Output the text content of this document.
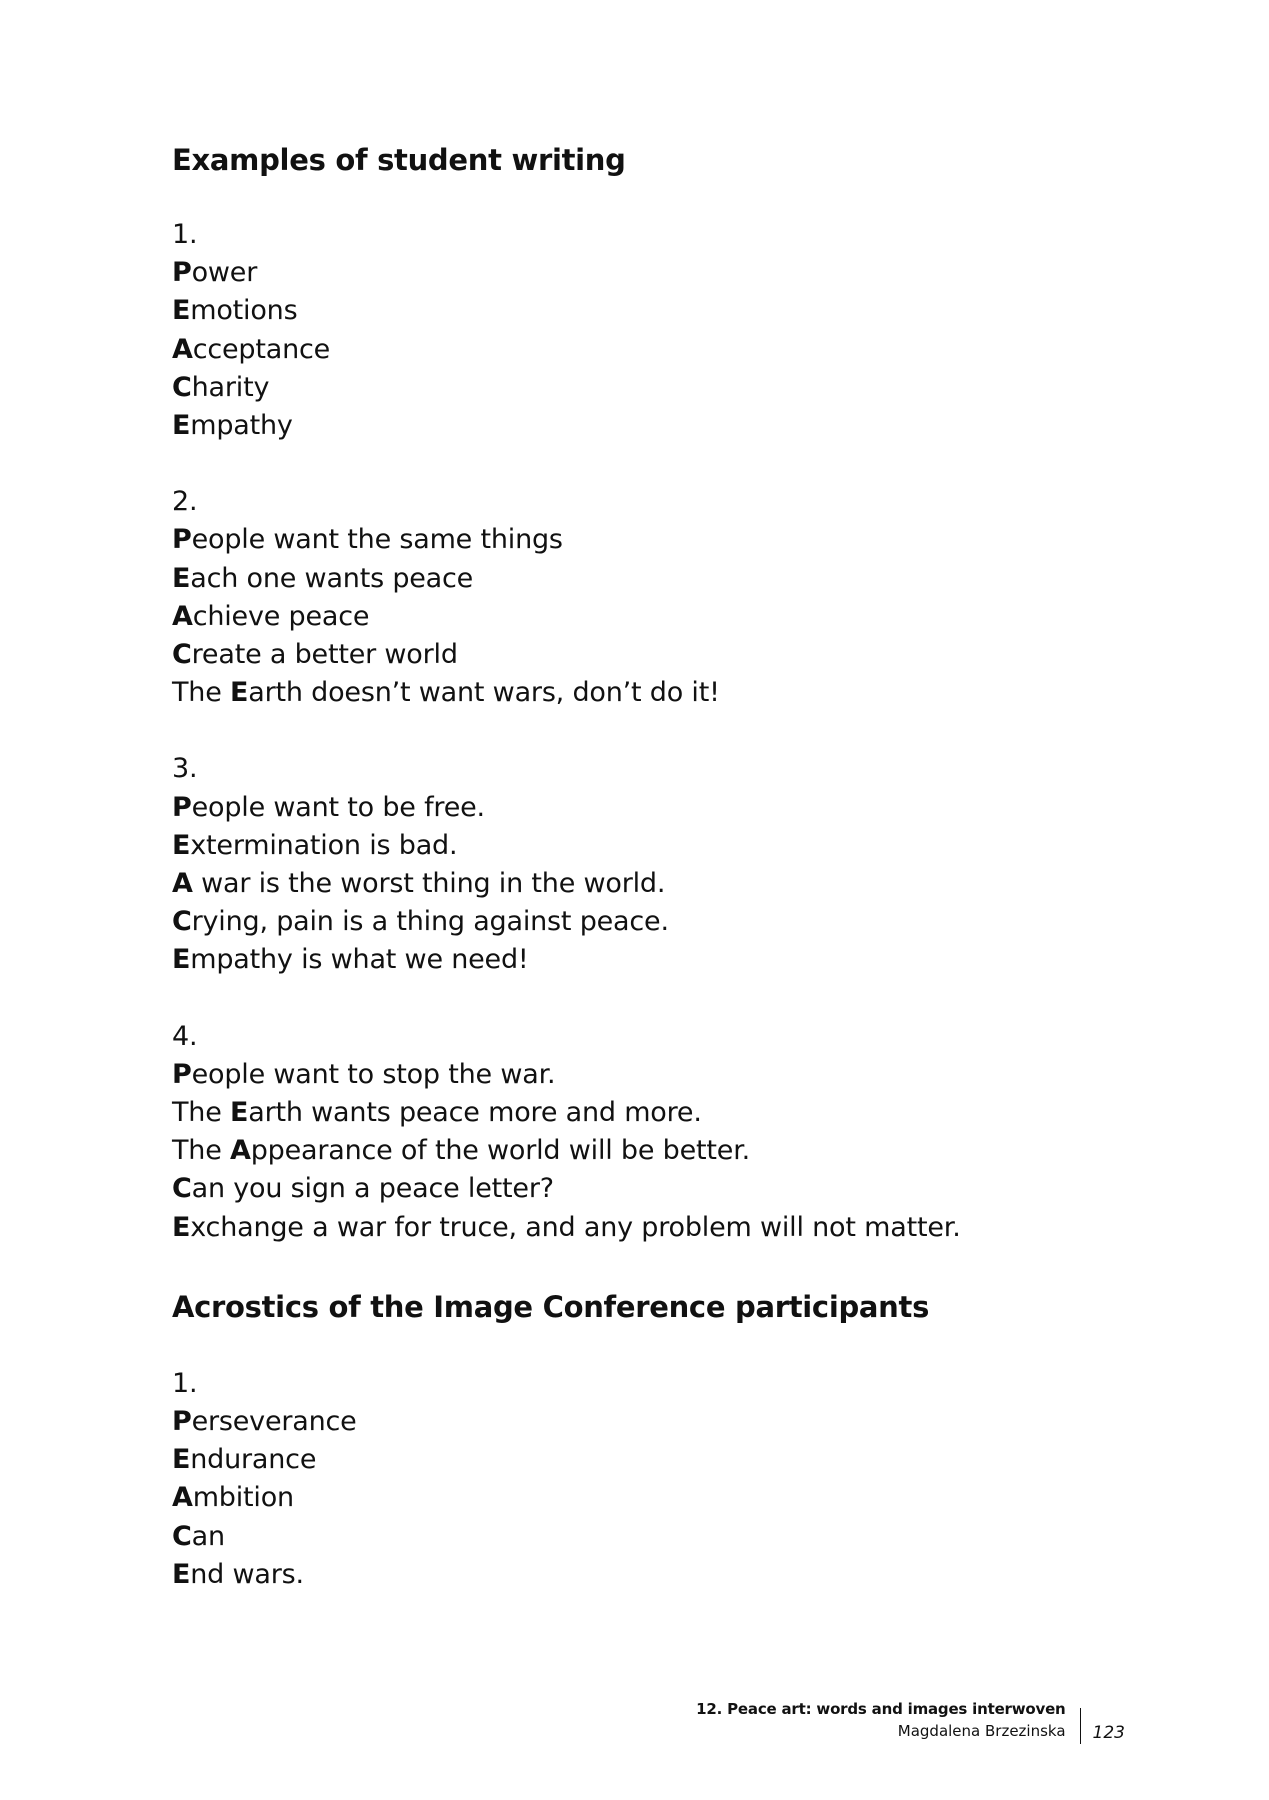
Examples of student writing

1.

Power

Emotions

Acceptance

Charity

Empathy

2.

People want the same things

Each one wants peace

Achieve peace

Create a better world

The Earth doesn’t want wars, don’t do it!

3.

People want to be free.

Extermination is bad.

A war is the worst thing in the world.

Crying, pain is a thing against peace.

Empathy is what we need!

4.

People want to stop the war.

The Earth wants peace more and more.

The Appearance of the world will be better.

Can you sign a peace letter?

Exchange a war for truce, and any problem will not matter.

Acrostics of the Image Conference participants

1.

Perseverance

Endurance

Ambition

Can

End wars.

12. Peace art: words and images interwoven
Magdalena Brzezinska	123
